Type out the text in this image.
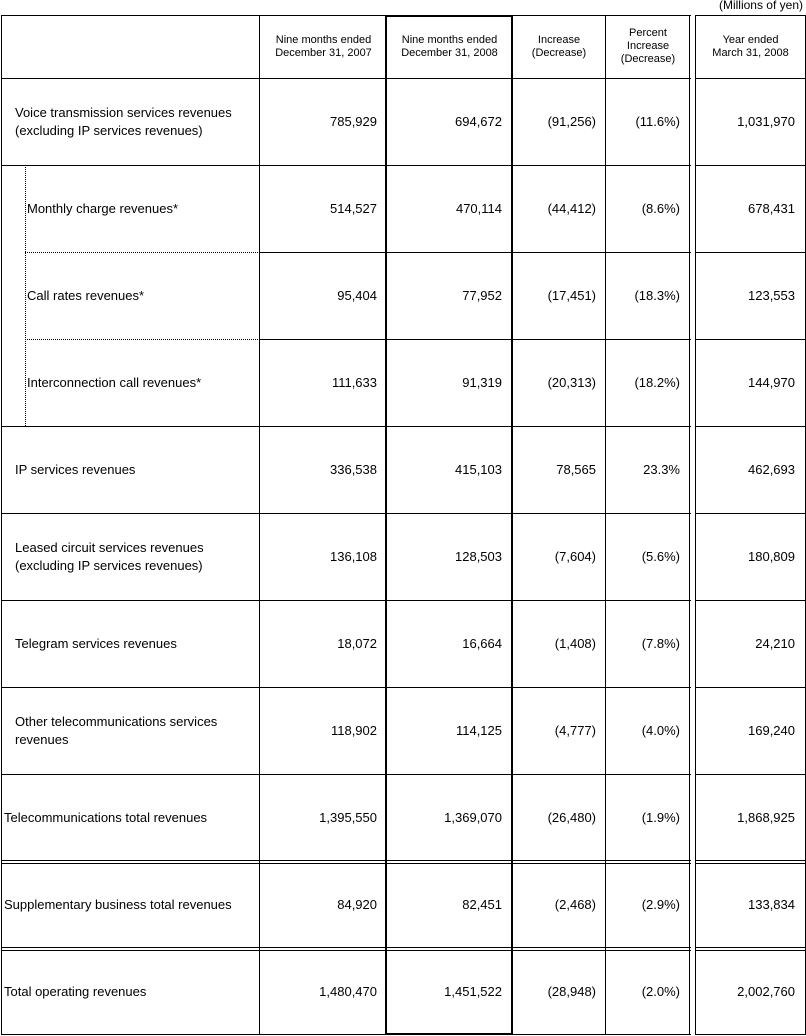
(Millions of yen)
Nine months ended
December 31, 2007
Nine months ended
December 31, 2008
Increase
(Decrease)
Percent
Increase
(Decrease)
Year ended
March 31, 2008
Voice transmission services revenues
(excluding IP services revenues)
785,929	694,672	(91,256)	(11.6%)	1,031,970
Monthly charge revenues*	514,527	470,114	(44,412)	(8.6%)	678,431
Call rates revenues*	95,404	77,952	(17,451)	(18.3%)	123,553
Interconnection call revenues*	111,633	91,319	(20,313)	(18.2%)	144,970
IP services revenues	336,538	415,103	78,565	23.3%	462,693
Leased circuit services revenues
(excluding IP services revenues)
136,108	128,503	(7,604)	(5.6%)	180,809
Telegram services revenues	18,072	16,664	(1,408)	(7.8%)	24,210
Other telecommunications services
revenues
118,902	114,125	(4,777)	(4.0%)	169,240
Telecommunications total revenues	1,395,550	1,369,070	(26,480)	(1.9%)	1,868,925
Supplementary business total revenues	84,920	82,451	(2,468)	(2.9%)	133,834
Total operating revenues	1,480,470	1,451,522	(28,948)	(2.0%)	2,002,760
